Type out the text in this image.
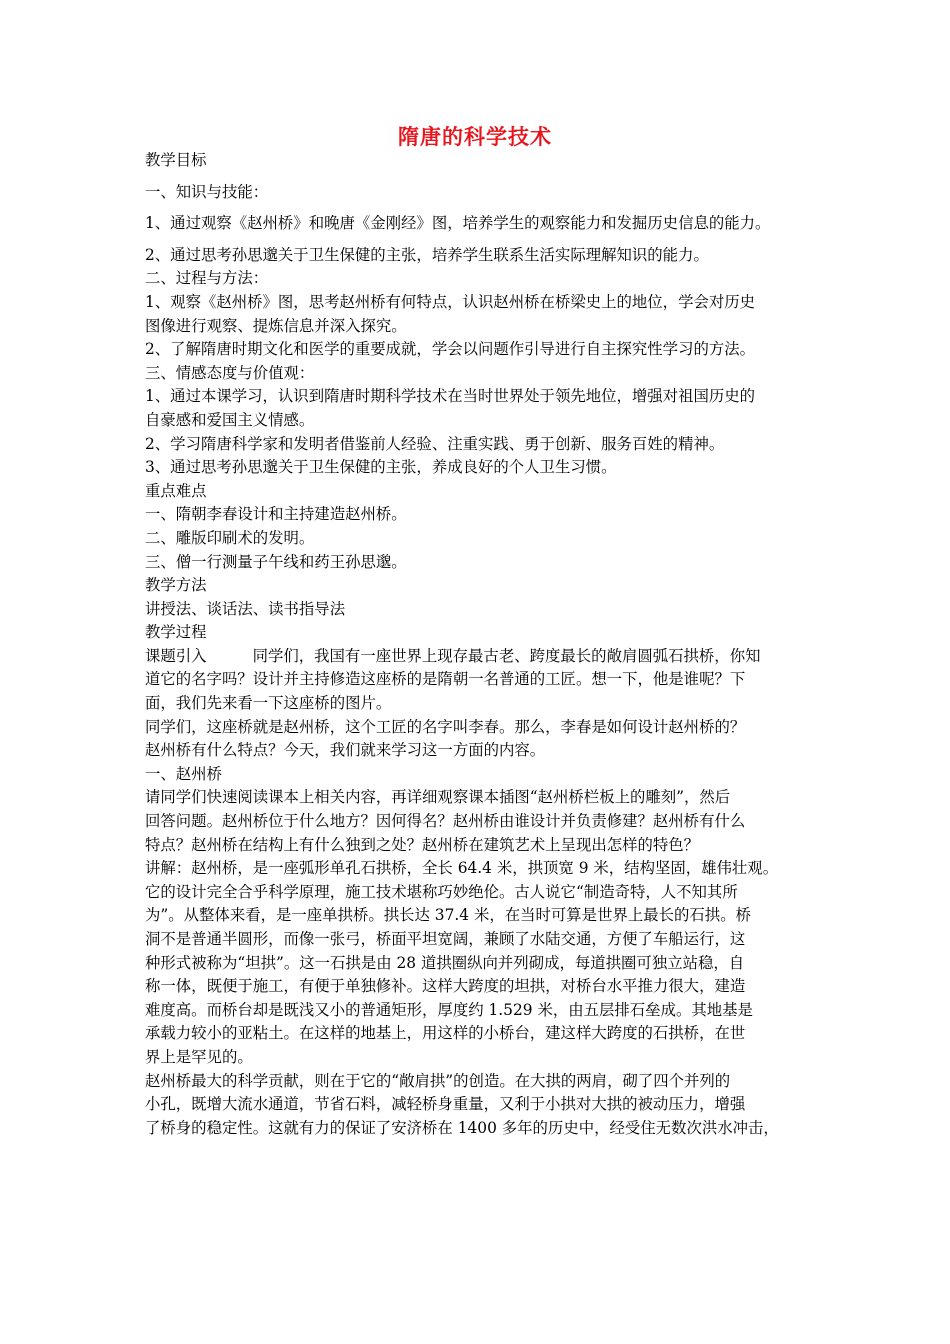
隋唐的科学技术
教学目标
一、知识与技能：
1、通过观察《赵州桥》和晚唐《金刚经》图，培养学生的观察能力和发掘历史信息的能力。
2、通过思考孙思邈关于卫生保健的主张，培养学生联系生活实际理解知识的能力。
二、过程与方法：
1、观察《赵州桥》图，思考赵州桥有何特点，认识赵州桥在桥梁史上的地位，学会对历史
图像进行观察、提炼信息并深入探究。
2、了解隋唐时期文化和医学的重要成就，学会以问题作引导进行自主探究性学习的方法。
三、情感态度与价值观：
1、通过本课学习，认识到隋唐时期科学技术在当时世界处于领先地位，增强对祖国历史的
自豪感和爱国主义情感。
2、学习隋唐科学家和发明者借鉴前人经验、注重实践、勇于创新、服务百姓的精神。
3、通过思考孙思邈关于卫生保健的主张，养成良好的个人卫生习惯。
重点难点
一、隋朝李春设计和主持建造赵州桥。
二、雕版印刷术的发明。
三、僧一行测量子午线和药王孙思邈。
教学方法
讲授法、谈话法、读书指导法
教学过程
课题引入	同学们，我国有一座世界上现存最古老、跨度最长的敞肩圆弧石拱桥，你知
道它的名字吗？设计并主持修造这座桥的是隋朝一名普通的工匠。想一下，他是谁呢？下
面，我们先来看一下这座桥的图片。
同学们，这座桥就是赵州桥，这个工匠的名字叫李春。那么，李春是如何设计赵州桥的？
赵州桥有什么特点？今天，我们就来学习这一方面的内容。
一、赵州桥
请同学们快速阅读课本上相关内容，再详细观察课本插图“赵州桥栏板上的雕刻”，然后
回答问题。赵州桥位于什么地方？因何得名？赵州桥由谁设计并负责修建？赵州桥有什么
特点？赵州桥在结构上有什么独到之处？赵州桥在建筑艺术上呈现出怎样的特色？
讲解：赵州桥，是一座弧形单孔石拱桥，全长 64.4 米，拱顶宽 9 米，结构坚固，雄伟壮观。
它的设计完全合乎科学原理，施工技术堪称巧妙绝伦。古人说它“制造奇特，人不知其所
为”。从整体来看，是一座单拱桥。拱长达 37.4 米，在当时可算是世界上最长的石拱。桥
洞不是普通半圆形，而像一张弓，桥面平坦宽阔，兼顾了水陆交通，方便了车船运行，这
种形式被称为“坦拱”。这一石拱是由 28 道拱圈纵向并列砌成，每道拱圈可独立站稳，自
称一体，既便于施工，有便于单独修补。这样大跨度的坦拱，对桥台水平推力很大，建造
难度高。而桥台却是既浅又小的普通矩形，厚度约 1.529 米，由五层排石垒成。其地基是
承载力较小的亚粘土。在这样的地基上，用这样的小桥台，建这样大跨度的石拱桥，在世
界上是罕见的。
赵州桥最大的科学贡献，则在于它的“敞肩拱”的创造。在大拱的两肩，砌了四个并列的
小孔，既增大流水通道，节省石料，减轻桥身重量，又利于小拱对大拱的被动压力，增强
了桥身的稳定性。这就有力的保证了安济桥在 1400 多年的历史中，经受住无数次洪水冲击，
